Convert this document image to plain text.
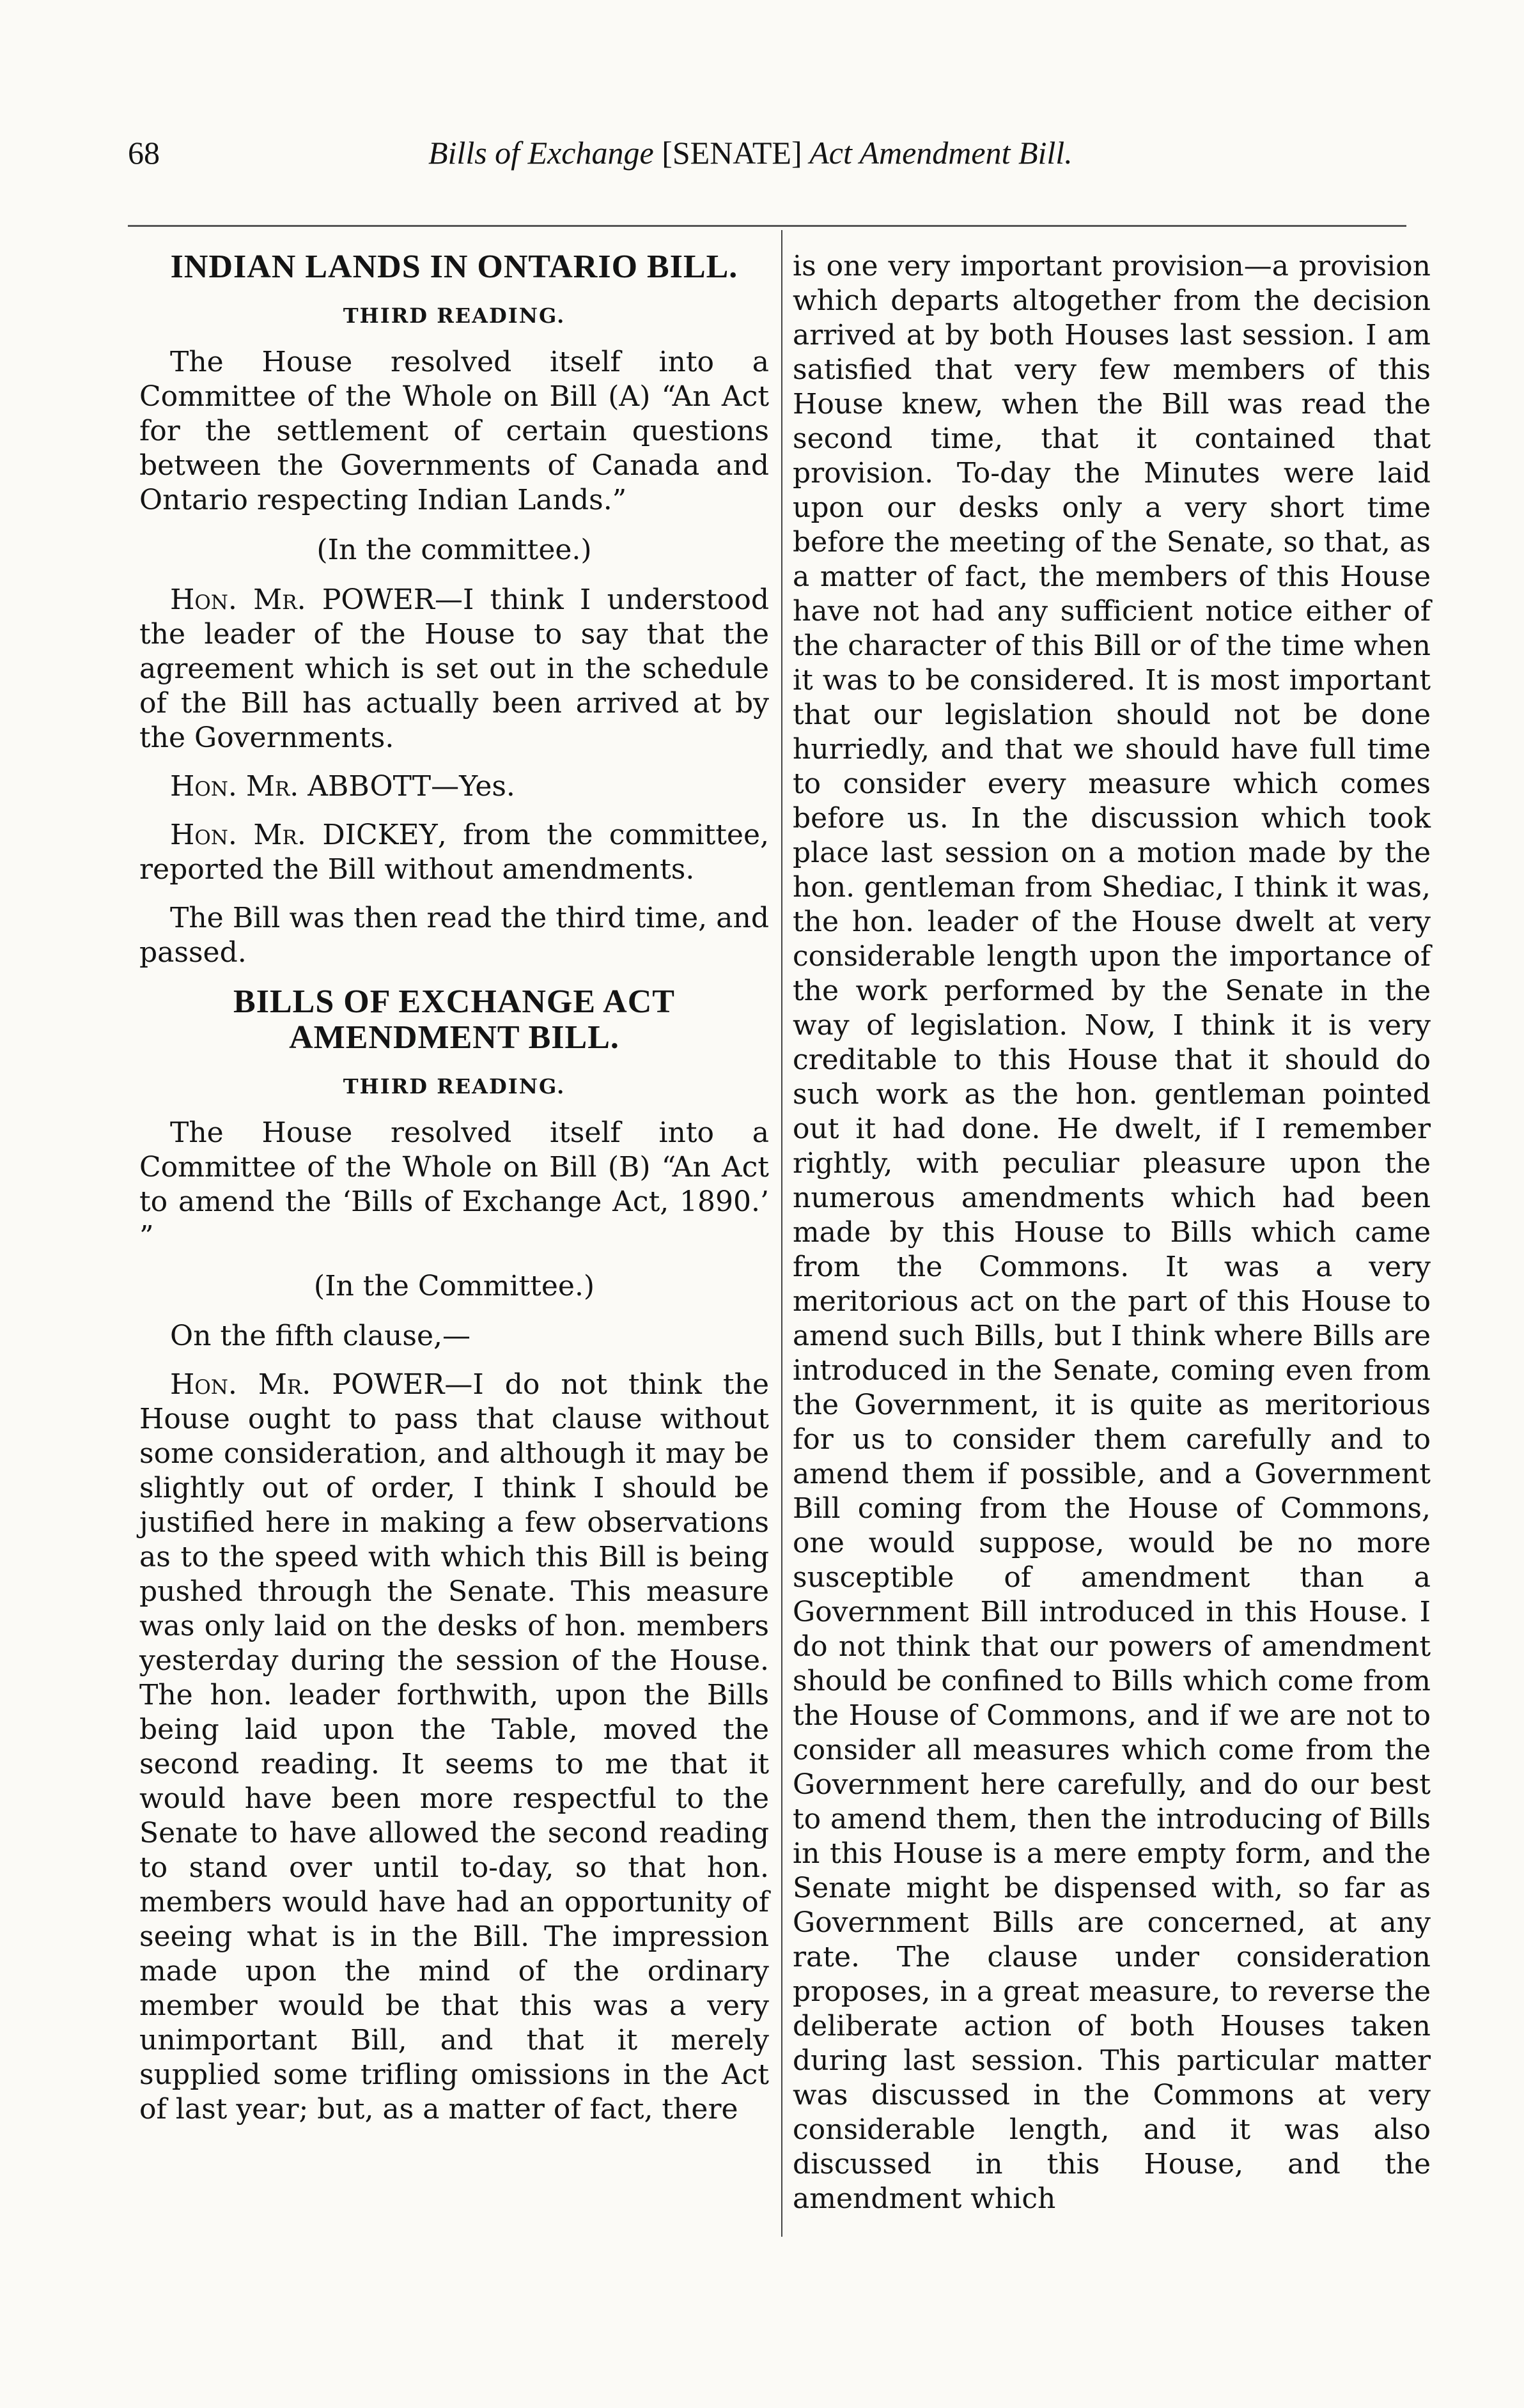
68	Bills of Exchange [SENATE] Act Amendment Bill.
INDIAN LANDS IN ONTARIO BILL.
THIRD READING.

The House resolved itself into a Committee of the Whole on Bill (A) “An Act for the settlement of certain questions between the Governments of Canada and Ontario respecting Indian Lands.”

(In the committee.)

Hon. Mr. POWER—I think I understood the leader of the House to say that the agreement which is set out in the schedule of the Bill has actually been arrived at by the Governments.

Hon. Mr. ABBOTT—Yes.

Hon. Mr. DICKEY, from the committee, reported the Bill without amendments.

The Bill was then read the third time, and passed.

BILLS OF EXCHANGE ACT AMENDMENT BILL.
THIRD READING.

The House resolved itself into a Committee of the Whole on Bill (B) “An Act to amend the ‘Bills of Exchange Act, 1890.’ ”

(In the Committee.)

On the fifth clause,—

Hon. Mr. POWER—I do not think the House ought to pass that clause without some consideration, and although it may be slightly out of order, I think I should be justified here in making a few observations as to the speed with which this Bill is being pushed through the Senate. This measure was only laid on the desks of hon. members yesterday during the session of the House. The hon. leader forthwith, upon the Bills being laid upon the Table, moved the second reading. It seems to me that it would have been more respectful to the Senate to have allowed the second reading to stand over until to-day, so that hon. members would have had an opportunity of seeing what is in the Bill. The impression made upon the mind of the ordinary member would be that this was a very unimportant Bill, and that it merely supplied some trifling omissions in the Act of last year; but, as a matter of fact, there

is one very important provision—a provision which departs altogether from the decision arrived at by both Houses last session. I am satisfied that very few members of this House knew, when the Bill was read the second time, that it contained that provision. To-day the Minutes were laid upon our desks only a very short time before the meeting of the Senate, so that, as a matter of fact, the members of this House have not had any sufficient notice either of the character of this Bill or of the time when it was to be considered. It is most important that our legislation should not be done hurriedly, and that we should have full time to consider every measure which comes before us. In the discussion which took place last session on a motion made by the hon. gentleman from Shediac, I think it was, the hon. leader of the House dwelt at very considerable length upon the importance of the work performed by the Senate in the way of legislation. Now, I think it is very creditable to this House that it should do such work as the hon. gentleman pointed out it had done. He dwelt, if I remember rightly, with peculiar pleasure upon the numerous amendments which had been made by this House to Bills which came from the Commons. It was a very meritorious act on the part of this House to amend such Bills, but I think where Bills are introduced in the Senate, coming even from the Government, it is quite as meritorious for us to consider them carefully and to amend them if possible, and a Government Bill coming from the House of Commons, one would suppose, would be no more susceptible of amendment than a Government Bill introduced in this House. I do not think that our powers of amendment should be confined to Bills which come from the House of Commons, and if we are not to consider all measures which come from the Government here carefully, and do our best to amend them, then the introducing of Bills in this House is a mere empty form, and the Senate might be dispensed with, so far as Government Bills are concerned, at any rate. The clause under consideration proposes, in a great measure, to reverse the deliberate action of both Houses taken during last session. This particular matter was discussed in the Commons at very considerable length, and it was also discussed in this House, and the amendment which
